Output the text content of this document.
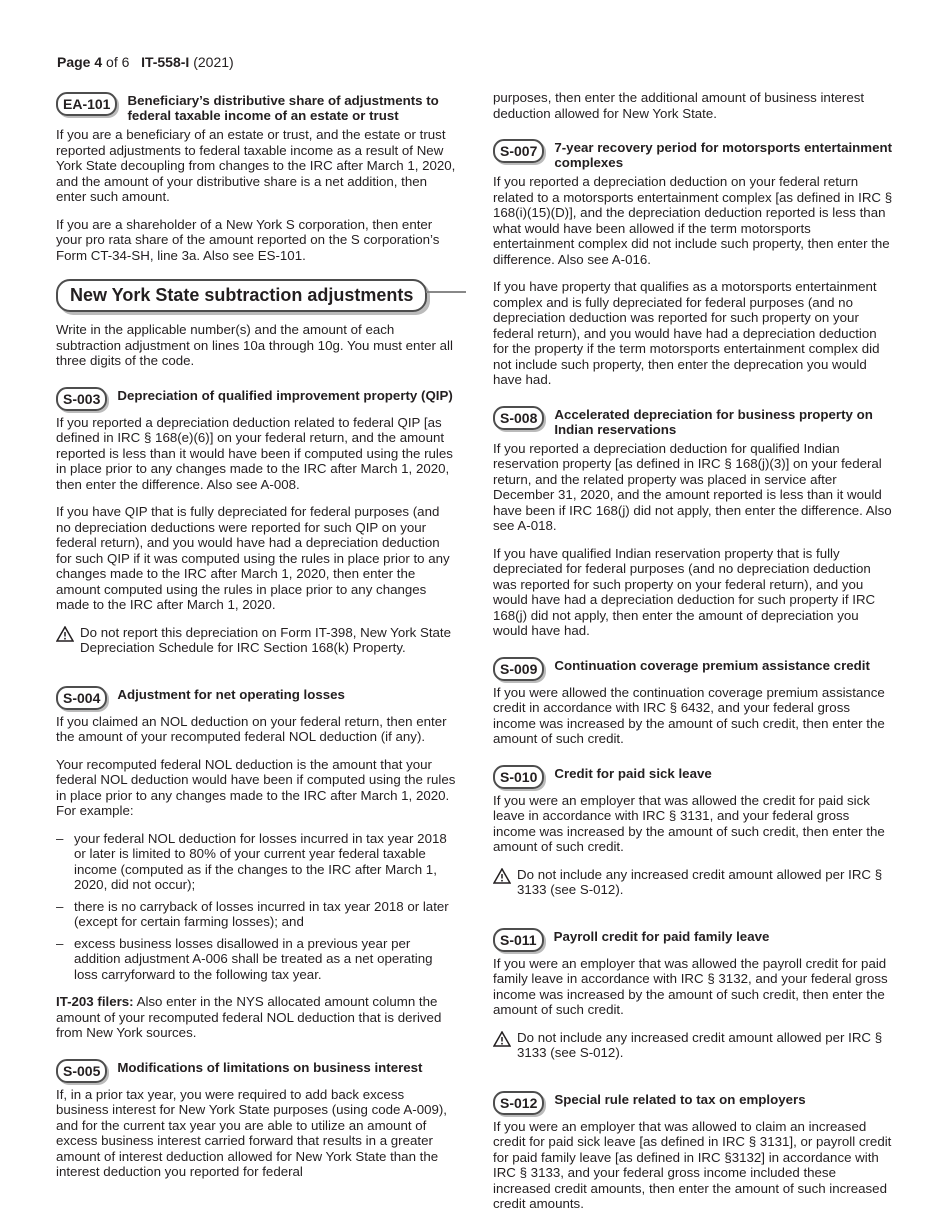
Page 4 of 6 IT-558-I (2021)
EA-101	Beneficiary’s distributive share of adjustments to federal taxable income of an estate or trust

If you are a beneficiary of an estate or trust, and the estate or trust reported adjustments to federal taxable income as a result of New York State decoupling from changes to the IRC after March 1, 2020, and the amount of your distributive share is a net addition, then enter such amount.

If you are a shareholder of a New York S corporation, then enter your pro rata share of the amount reported on the S corporation’s Form CT-34-SH, line 3a. Also see ES-101.

New York State subtraction adjustments

Write in the applicable number(s) and the amount of each subtraction adjustment on lines 10a through 10g. You must enter all three digits of the code.

S-003	Depreciation of qualified improvement property (QIP)

If you reported a depreciation deduction related to federal QIP [as defined in IRC § 168(e)(6)] on your federal return, and the amount reported is less than it would have been if computed using the rules in place prior to any changes made to the IRC after March 1, 2020, then enter the difference. Also see A-008.

If you have QIP that is fully depreciated for federal purposes (and no depreciation deductions were reported for such QIP on your federal return), and you would have had a depreciation deduction for such QIP if it was computed using the rules in place prior to any changes made to the IRC after March 1, 2020, then enter the amount computed using the rules in place prior to any changes made to the IRC after March 1, 2020.

Do not report this depreciation on Form IT-398, New York State Depreciation Schedule for IRC Section 168(k) Property.

S-004	Adjustment for net operating losses

If you claimed an NOL deduction on your federal return, then enter the amount of your recomputed federal NOL deduction (if any).

Your recomputed federal NOL deduction is the amount that your federal NOL deduction would have been if computed using the rules in place prior to any changes made to the IRC after March 1, 2020. For example:

– your federal NOL deduction for losses incurred in tax year 2018 or later is limited to 80% of your current year federal taxable income (computed as if the changes to the IRC after March 1, 2020, did not occur);
– there is no carryback of losses incurred in tax year 2018 or later (except for certain farming losses); and
– excess business losses disallowed in a previous year per addition adjustment A-006 shall be treated as a net operating loss carryforward to the following tax year.

IT-203 filers: Also enter in the NYS allocated amount column the amount of your recomputed federal NOL deduction that is derived from New York sources.

S-005	Modifications of limitations on business interest

If, in a prior tax year, you were required to add back excess business interest for New York State purposes (using code A-009), and for the current tax year you are able to utilize an amount of excess business interest carried forward that results in a greater amount of interest deduction allowed for New York State than the interest deduction you reported for federal

purposes, then enter the additional amount of business interest deduction allowed for New York State.

S-007	7-year recovery period for motorsports entertainment complexes

If you reported a depreciation deduction on your federal return related to a motorsports entertainment complex [as defined in IRC § 168(i)(15)(D)], and the depreciation deduction reported is less than what would have been allowed if the term motorsports entertainment complex did not include such property, then enter the difference. Also see A-016.

If you have property that qualifies as a motorsports entertainment complex and is fully depreciated for federal purposes (and no depreciation deduction was reported for such property on your federal return), and you would have had a depreciation deduction for the property if the term motorsports entertainment complex did not include such property, then enter the deprecation you would have had.

S-008	Accelerated depreciation for business property on Indian reservations

If you reported a depreciation deduction for qualified Indian reservation property [as defined in IRC § 168(j)(3)] on your federal return, and the related property was placed in service after December 31, 2020, and the amount reported is less than it would have been if IRC 168(j) did not apply, then enter the difference. Also see A-018.

If you have qualified Indian reservation property that is fully depreciated for federal purposes (and no depreciation deduction was reported for such property on your federal return), and you would have had a depreciation deduction for such property if IRC 168(j) did not apply, then enter the amount of depreciation you would have had.

S-009	Continuation coverage premium assistance credit

If you were allowed the continuation coverage premium assistance credit in accordance with IRC § 6432, and your federal gross income was increased by the amount of such credit, then enter the amount of such credit.

S-010	Credit for paid sick leave

If you were an employer that was allowed the credit for paid sick leave in accordance with IRC § 3131, and your federal gross income was increased by the amount of such credit, then enter the amount of such credit.

Do not include any increased credit amount allowed per IRC § 3133 (see S-012).

S-011	Payroll credit for paid family leave

If you were an employer that was allowed the payroll credit for paid family leave in accordance with IRC § 3132, and your federal gross income was increased by the amount of such credit, then enter the amount of such credit.

Do not include any increased credit amount allowed per IRC § 3133 (see S-012).

S-012	Special rule related to tax on employers

If you were an employer that was allowed to claim an increased credit for paid sick leave [as defined in IRC § 3131], or payroll credit for paid family leave [as defined in IRC §3132] in accordance with IRC § 3133, and your federal gross income included these increased credit amounts, then enter the amount of such increased credit amounts.
